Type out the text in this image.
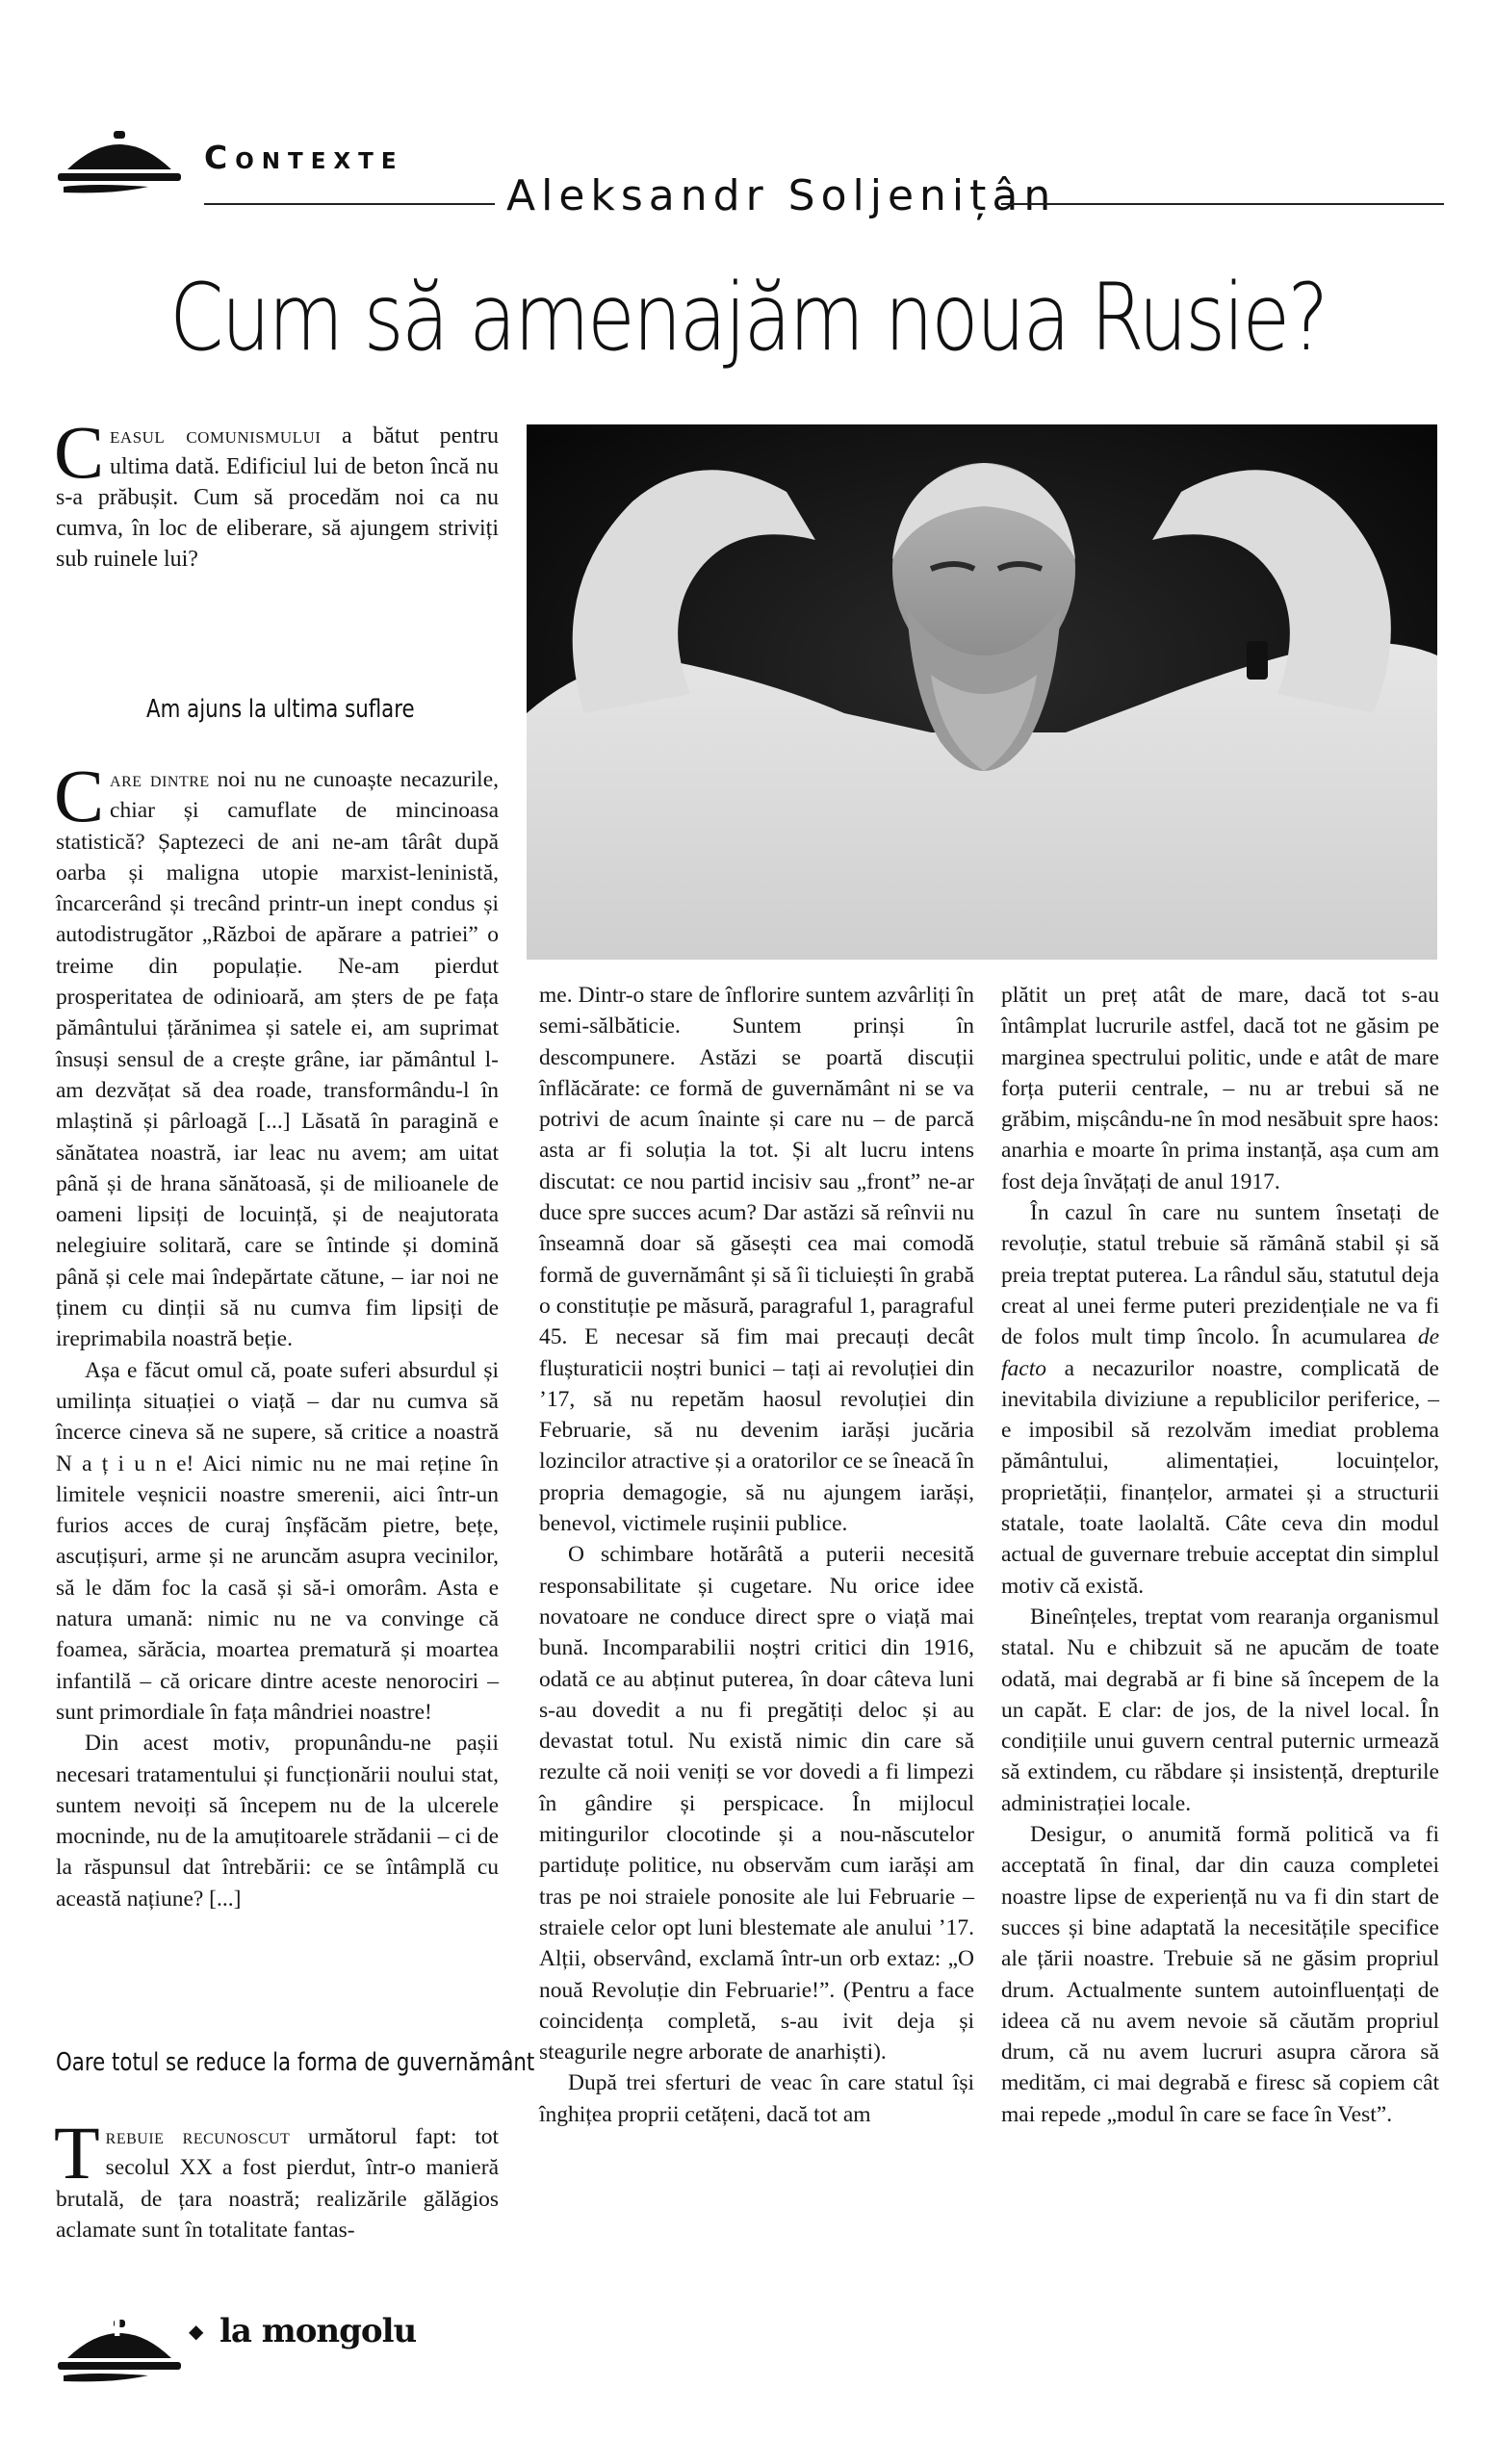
Contexte
Aleksandr Soljenițân
Cum să amenajăm noua Rusie?

Ceasul comunismului a bătut pentru ultima dată. Edificiul lui de beton încă nu s-a prăbușit. Cum să procedăm noi ca nu cumva, în loc de eliberare, să ajungem striviți sub ruinele lui?

Am ajuns la ultima suflare

Care dintre noi nu ne cunoaște necazurile, chiar și camuflate de mincinoasa statistică? Șaptezeci de ani ne-am târât după oarba și maligna utopie marxist-leninistă, încarcerând și trecând printr-un inept condus și autodistrugător „Război de apărare a patriei” o treime din populație. Ne-am pierdut prosperitatea de odinioară, am șters de pe fața pământului țărănimea și satele ei, am suprimat însuși sensul de a crește grâne, iar pământul l-am dezvățat să dea roade, transformându-l în mlaștină și pârloagă [...] Lăsată în paragină e sănătatea noastră, iar leac nu avem; am uitat până și de hrana sănătoasă, și de milioanele de oameni lipsiți de locuință, și de neajutorata nelegiuire solitară, care se întinde și domină până și cele mai îndepărtate cătune, – iar noi ne ținem cu dinții să nu cumva fim lipsiți de ireprimabila noastră beție.

Așa e făcut omul că, poate suferi absurdul și umilința situației o viață – dar nu cumva să încerce cineva să ne supere, să critice a noastră N a ț i u n e! Aici nimic nu ne mai reține în limitele veșnicii noastre smerenii, aici într-un furios acces de curaj înșfăcăm pietre, bețe, ascuțișuri, arme și ne aruncăm asupra vecinilor, să le dăm foc la casă și să-i omorâm. Asta e natura umană: nimic nu ne va convinge că foamea, sărăcia, moartea prematură și moartea infantilă – că oricare dintre aceste nenorociri – sunt primordiale în fața mândriei noastre!

Din acest motiv, propunându-ne pașii necesari tratamentului și funcționării noului stat, suntem nevoiți să începem nu de la ulcerele mocninde, nu de la amuțitoarele strădanii – ci de la răspunsul dat întrebării: ce se întâmplă cu această națiune? [...]

Oare totul se reduce la forma de guvernământ

Trebuie recunoscut următorul fapt: tot secolul XX a fost pierdut, într-o manieră brutală, de țara noastră; realizările gălăgios aclamate sunt în totalitate fantas-

me. Dintr-o stare de înflorire suntem azvârliți în semi-sălbăticie. Suntem prinși în descompunere. Astăzi se poartă discuții înflăcărate: ce formă de guvernământ ni se va potrivi de acum înainte și care nu – de parcă asta ar fi soluția la tot. Și alt lucru intens discutat: ce nou partid incisiv sau „front” ne-ar duce spre succes acum? Dar astăzi să reînvii nu înseamnă doar să găsești cea mai comodă formă de guvernământ și să îi ticluiești în grabă o constituție pe măsură, paragraful 1, paragraful 45. E necesar să fim mai precauți decât flușturaticii noștri bunici – tați ai revoluției din ’17, să nu repetăm haosul revoluției din Februarie, să nu devenim iarăși jucăria lozincilor atractive și a oratorilor ce se îneacă în propria demagogie, să nu ajungem iarăși, benevol, victimele rușinii publice.

O schimbare hotărâtă a puterii necesită responsabilitate și cugetare. Nu orice idee novatoare ne conduce direct spre o viață mai bună. Incomparabilii noștri critici din 1916, odată ce au abținut puterea, în doar câteva luni s-au dovedit a nu fi pregătiți deloc și au devastat totul. Nu există nimic din care să rezulte că noii veniți se vor dovedi a fi limpezi în gândire și perspicace. În mijlocul mitingurilor clocotinde și a nou-născutelor partiduțe politice, nu observăm cum iarăși am tras pe noi straiele ponosite ale lui Februarie – straiele celor opt luni blestemate ale anului ’17. Alții, observând, exclamă într-un orb extaz: „O nouă Revoluție din Februarie!”. (Pentru a face coincidența completă, s-au ivit deja și steagurile negre arborate de anarhiști).

După trei sferturi de veac în care statul își înghițea proprii cetățeni, dacă tot am

plătit un preț atât de mare, dacă tot s-au întâmplat lucrurile astfel, dacă tot ne găsim pe marginea spectrului politic, unde e atât de mare forța puterii centrale, – nu ar trebui să ne grăbim, mișcându-ne în mod nesăbuit spre haos: anarhia e moarte în prima instanță, așa cum am fost deja învățați de anul 1917.

În cazul în care nu suntem însetați de revoluție, statul trebuie să rămână stabil și să preia treptat puterea. La rândul său, statutul deja creat al unei ferme puteri prezidențiale ne va fi de folos mult timp încolo. În acumularea de facto a necazurilor noastre, complicată de inevitabila diviziune a republicilor periferice, – e imposibil să rezolvăm imediat problema pământului, alimentației, locuințelor, proprietății, finanțelor, armatei și a structurii statale, toate laolaltă. Câte ceva din modul actual de guvernare trebuie acceptat din simplul motiv că există.

Bineînțeles, treptat vom rearanja organismul statal. Nu e chibzuit să ne apucăm de toate odată, mai degrabă ar fi bine să începem de la un capăt. E clar: de jos, de la nivel local. În condițiile unui guvern central puternic urmează să extindem, cu răbdare și insistență, drepturile administrației locale.

Desigur, o anumită formă politică va fi acceptată în final, dar din cauza completei noastre lipse de experiență nu va fi din start de succes și bine adaptată la necesitățile specifice ale țării noastre. Trebuie să ne găsim propriul drum. Actualmente suntem autoinfluențați de ideea că nu avem nevoie să căutăm propriul drum, că nu avem lucruri asupra cărora să medităm, ci mai degrabă e firesc să copiem cât mai repede „modul în care se face în Vest”.

4	◆ la mongolu
